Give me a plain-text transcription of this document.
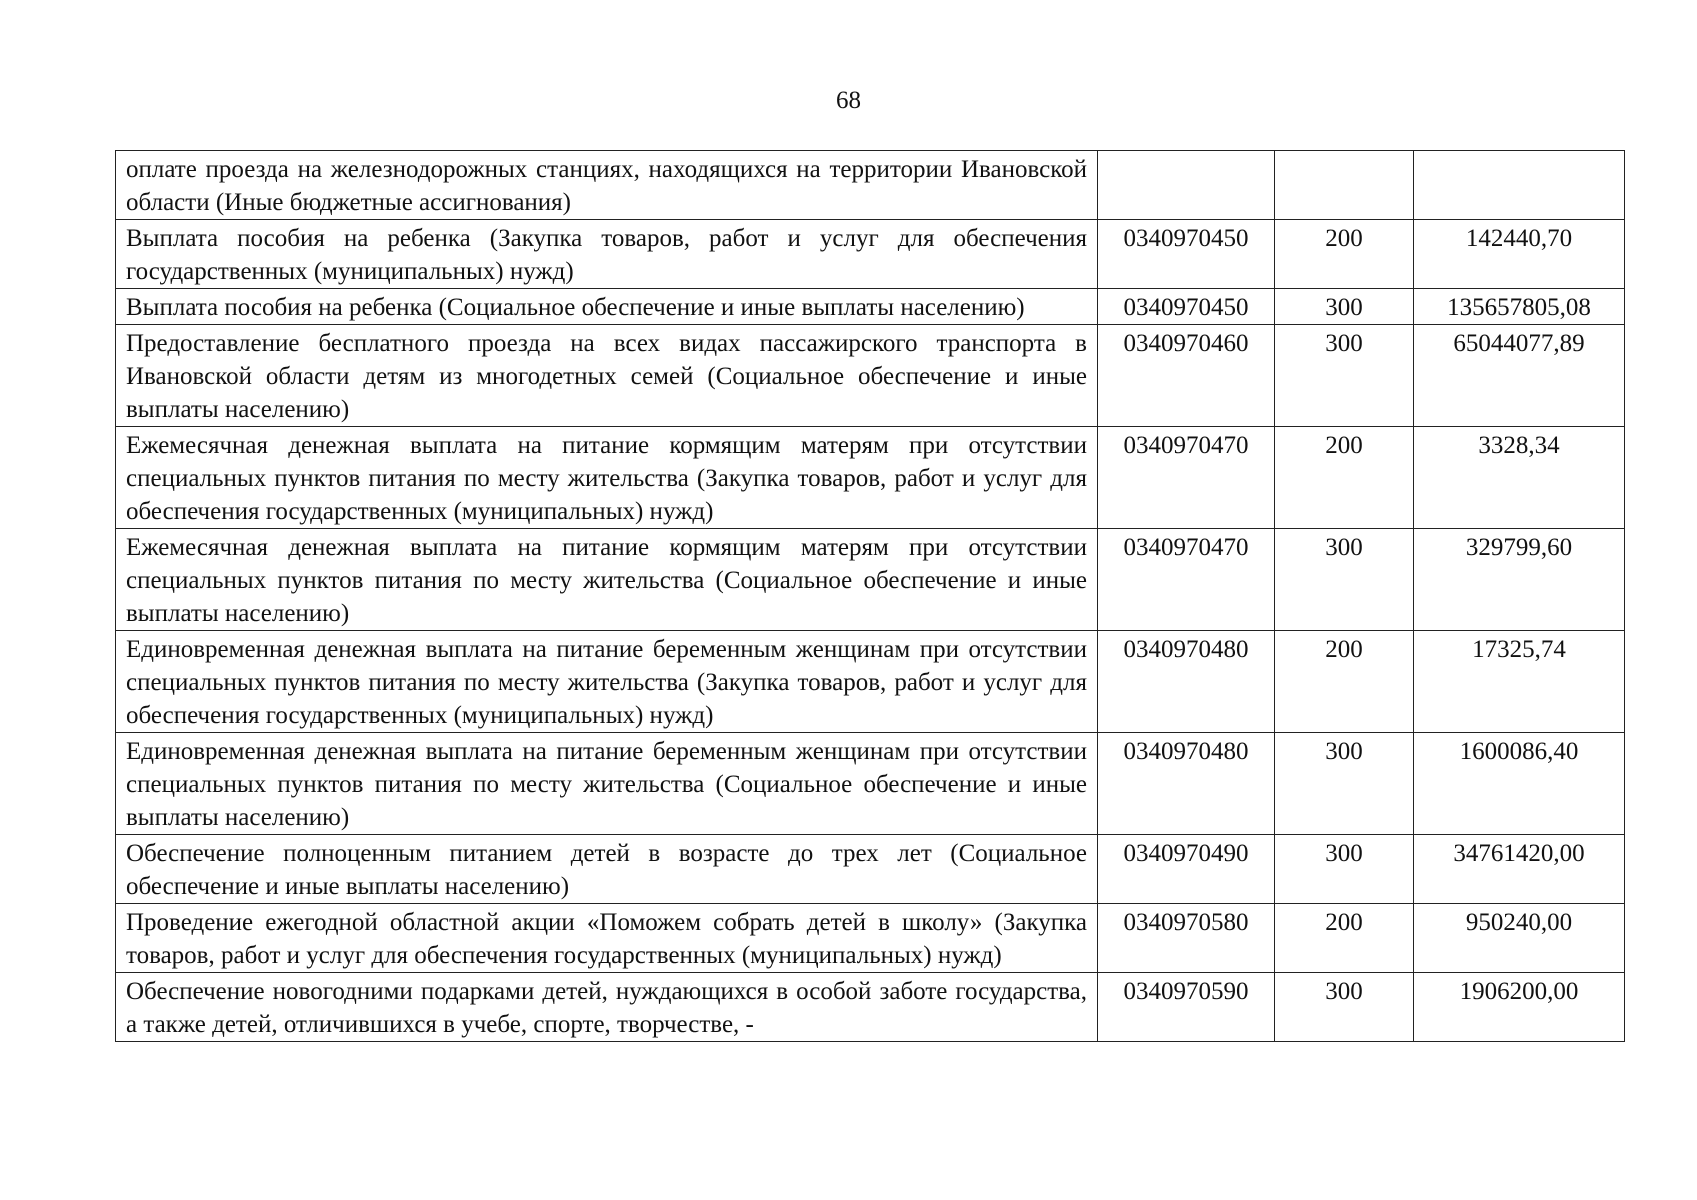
68
оплате проезда на железнодорожных станциях, находящихся на территории Ивановской области (Иные бюджетные ассигнования)			
Выплата пособия на ребенка (Закупка товаров, работ и услуг для обеспечения государственных (муниципальных) нужд)	0340970450	200	142440,70
Выплата пособия на ребенка (Социальное обеспечение и иные выплаты населению)	0340970450	300	135657805,08
Предоставление бесплатного проезда на всех видах пассажирского транспорта в Ивановской области детям из многодетных семей (Социальное обеспечение и иные выплаты населению)	0340970460	300	65044077,89
Ежемесячная денежная выплата на питание кормящим матерям при отсутствии специальных пунктов питания по месту жительства (Закупка товаров, работ и услуг для обеспечения государственных (муниципальных) нужд)	0340970470	200	3328,34
Ежемесячная денежная выплата на питание кормящим матерям при отсутствии специальных пунктов питания по месту жительства (Социальное обеспечение и иные выплаты населению)	0340970470	300	329799,60
Единовременная денежная выплата на питание беременным женщинам при отсутствии специальных пунктов питания по месту жительства (Закупка товаров, работ и услуг для обеспечения государственных (муниципальных) нужд)	0340970480	200	17325,74
Единовременная денежная выплата на питание беременным женщинам при отсутствии специальных пунктов питания по месту жительства (Социальное обеспечение и иные выплаты населению)	0340970480	300	1600086,40
Обеспечение полноценным питанием детей в возрасте до трех лет (Социальное обеспечение и иные выплаты населению)	0340970490	300	34761420,00
Проведение ежегодной областной акции «Поможем собрать детей в школу» (Закупка товаров, работ и услуг для обеспечения государственных (муниципальных) нужд)	0340970580	200	950240,00
Обеспечение новогодними подарками детей, нуждающихся в особой заботе государства, а также детей, отличившихся в учебе, спорте, творчестве, -	0340970590	300	1906200,00
